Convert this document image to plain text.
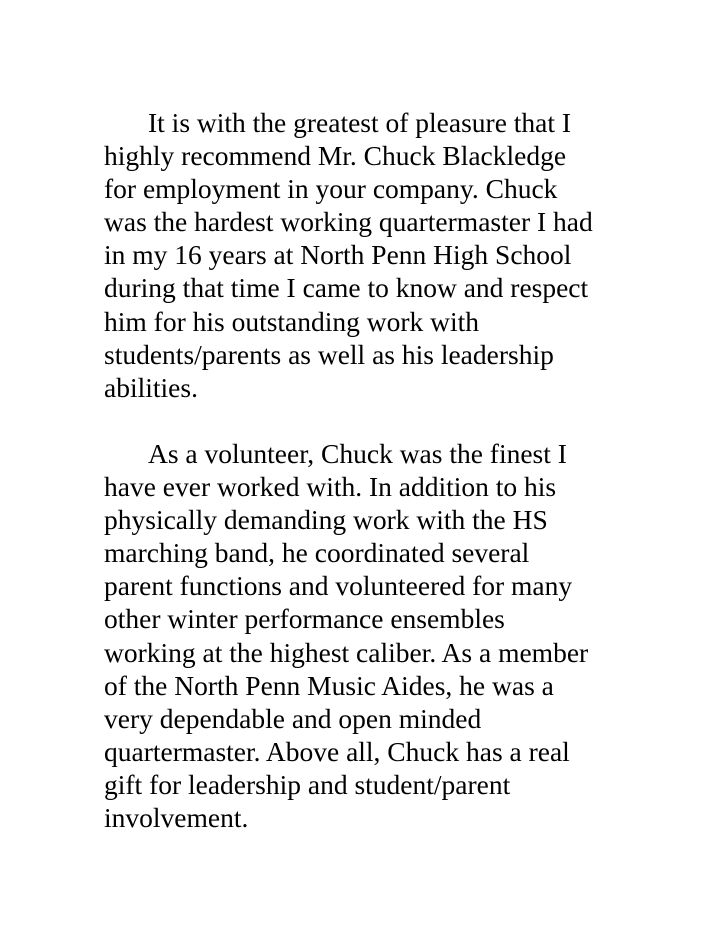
It is with the greatest of pleasure that I
highly recommend Mr. Chuck Blackledge
for employment in your company. Chuck
was the hardest working quartermaster I had
in my 16 years at North Penn High School
during that time I came to know and respect
him for his outstanding work with
students/parents as well as his leadership
abilities.

As a volunteer, Chuck was the finest I
have ever worked with. In addition to his
physically demanding work with the HS
marching band, he coordinated several
parent functions and volunteered for many
other winter performance ensembles
working at the highest caliber. As a member
of the North Penn Music Aides, he was a
very dependable and open minded
quartermaster. Above all, Chuck has a real
gift for leadership and student/parent
involvement.
